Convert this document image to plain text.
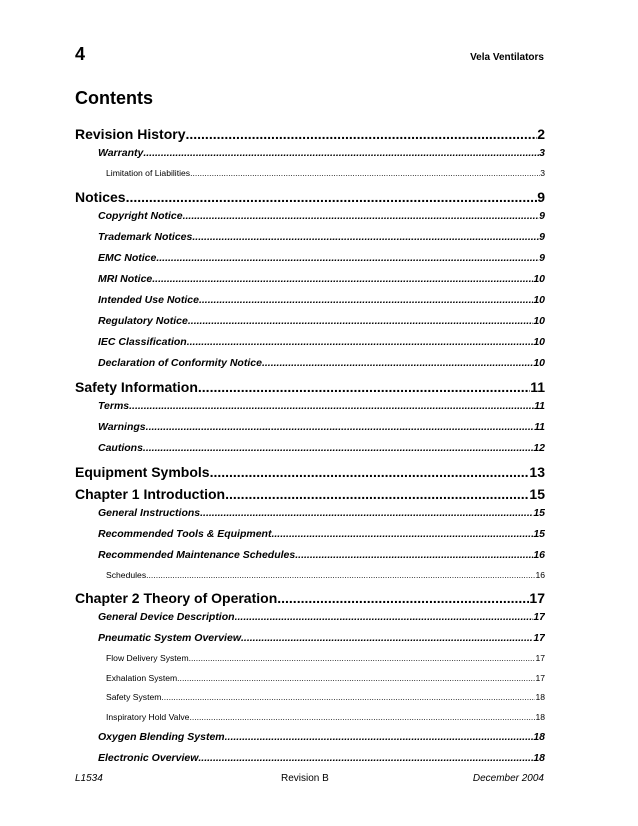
4	Vela Ventilators
Contents
Revision History .....	2
Warranty .....	3
Limitation of Liabilities .....	3
Notices .....	9
Copyright Notice .....	9
Trademark Notices .....	9
EMC Notice .....	9
MRI Notice .....	10
Intended Use Notice .....	10
Regulatory Notice .....	10
IEC Classification .....	10
Declaration of Conformity Notice .....	10
Safety Information .....	11
Terms .....	11
Warnings .....	11
Cautions .....	12
Equipment Symbols .....	13
Chapter 1 Introduction .....	15
General Instructions .....	15
Recommended Tools & Equipment .....	15
Recommended Maintenance Schedules .....	16
Schedules .....	16
Chapter 2 Theory of Operation .....	17
General Device Description .....	17
Pneumatic System Overview .....	17
Flow Delivery System .....	17
Exhalation System .....	17
Safety System .....	18
Inspiratory Hold Valve .....	18
Oxygen Blending System .....	18
Electronic Overview .....	18
L1534	Revision B	December 2004
